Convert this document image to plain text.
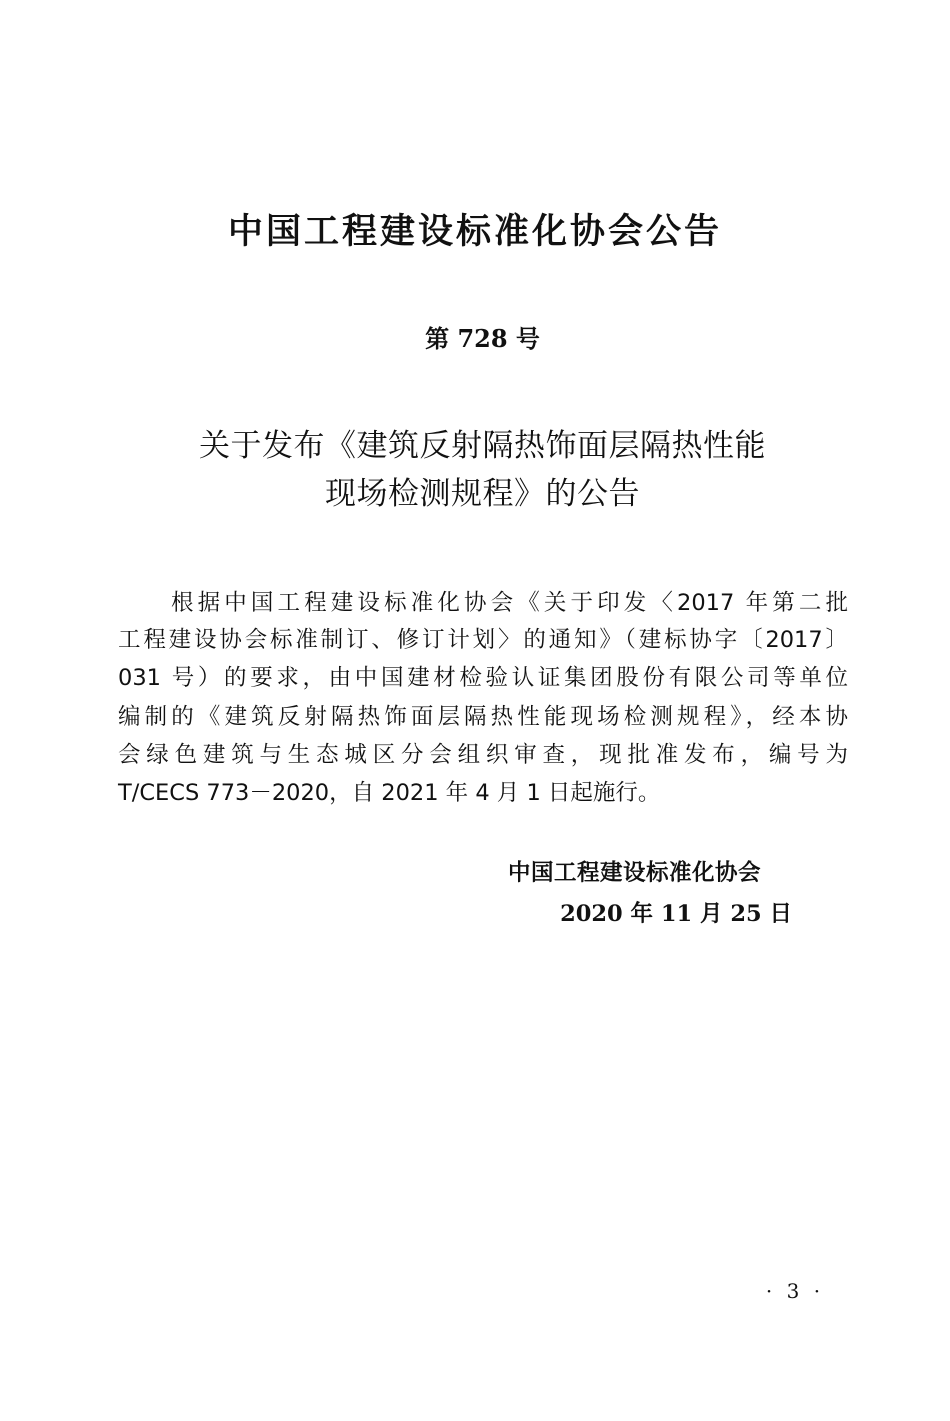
中国工程建设标准化协会公告
第 728 号
关于发布《建筑反射隔热饰面层隔热性能
现场检测规程》的公告
根据中国工程建设标准化协会《关于印发〈2017 年第二批
工程建设协会标准制订、修订计划〉的通知》（建标协字〔2017〕
031 号）的要求，由中国建材检验认证集团股份有限公司等单位
编制的《建筑反射隔热饰面层隔热性能现场检测规程》，经本协
会绿色建筑与生态城区分会组织审查，现批准发布，编号为
T/CECS 773－2020，自 2021 年 4 月 1 日起施行。
中国工程建设标准化协会
2020 年 11 月 25 日
· 3 ·
